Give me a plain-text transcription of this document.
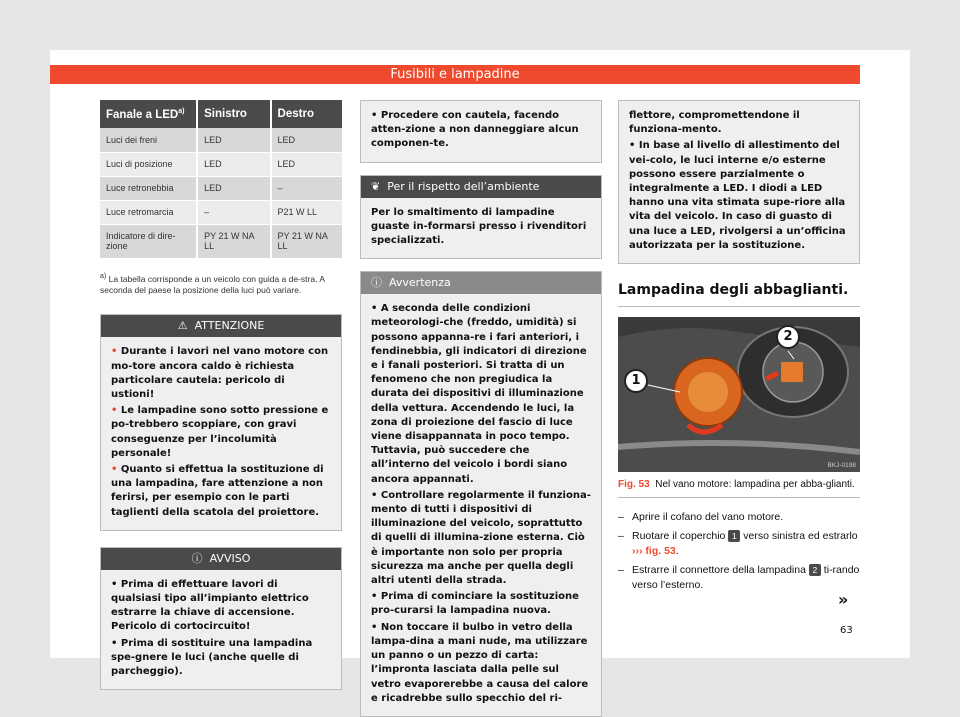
Fusibili e lampadine
Fanale a LED$^{a)}$	Sinistro	Destro
Luci dei freni	LED	LED
Luci di posizione	LED	LED
Luce retronebbia	LED	–
Luce retromarcia	–	P21 W LL
Indicatore di dire-zione	PY 21 W NA LL	PY 21 W NA LL
$^{a)}$ La tabella corrisponde a un veicolo con guida a de-stra. A seconda del paese la posizione della luci può variare.
⚠ ATTENZIONE

• Durante i lavori nel vano motore con mo-tore ancora caldo è richiesta particolare cautela: pericolo di ustioni!

• Le lampadine sono sotto pressione e po-trebbero scoppiare, con gravi conseguenze per l’incolumità personale!

• Quanto si effettua la sostituzione di una lampadina, fare attenzione a non ferirsi, per esempio con le parti taglienti della scatola del proiettore.

ⓘ AVVISO

• Prima di effettuare lavori di qualsiasi tipo all’impianto elettrico estrarre la chiave di accensione. Pericolo di cortocircuito!

• Prima di sostituire una lampadina spe-gnere le luci (anche quelle di parcheggio).

• Procedere con cautela, facendo atten-zione a non danneggiare alcun componen-te.

❦ Per il rispetto dell’ambiente

Per lo smaltimento di lampadine guaste in-formarsi presso i rivenditori specializzati.

ⓘ Avvertenza

• A seconda delle condizioni meteorologi-che (freddo, umidità) si possono appanna-re i fari anteriori, i fendinebbia, gli indicatori di direzione e i fanali posteriori. Si tratta di un fenomeno che non pregiudica la durata dei dispositivi di illuminazione della vettura. Accendendo le luci, la zona di proiezione del fascio di luce viene disappannata in poco tempo. Tuttavia, può succedere che all’interno del veicolo i bordi siano ancora appannati.

• Controllare regolarmente il funziona-mento di tutti i dispositivi di illuminazione del veicolo, soprattutto di quelli di illumina-zione esterna. Ciò è importante non solo per propria sicurezza ma anche per quella degli altri utenti della strada.

• Prima di cominciare la sostituzione pro-curarsi la lampadina nuova.

• Non toccare il bulbo in vetro della lampa-dina a mani nude, ma utilizzare un panno o un pezzo di carta: l’impronta lasciata dalla pelle sul vetro evaporerebbe a causa del calore e ricadrebbe sullo specchio del ri-

flettore, compromettendone il funziona-mento.

• In base al livello di allestimento del vei-colo, le luci interne e/o esterne possono essere parzialmente o integralmente a LED. I diodi a LED hanno una vita stimata supe-riore alla vita del veicolo. In caso di guasto di una luce a LED, rivolgersi a un’officina autorizzata per la sostituzione.

Lampadina degli abbaglianti.
1
2
BKJ-0198
Fig. 53 Nel vano motore: lampadina per abba-glianti.
– Aprire il cofano del vano motore.
– Ruotare il coperchio 1 verso sinistra ed estrarlo ››› fig. 53.
– Estrarre il connettore della lampadina 2 ti-rando verso l’esterno.
»
63
